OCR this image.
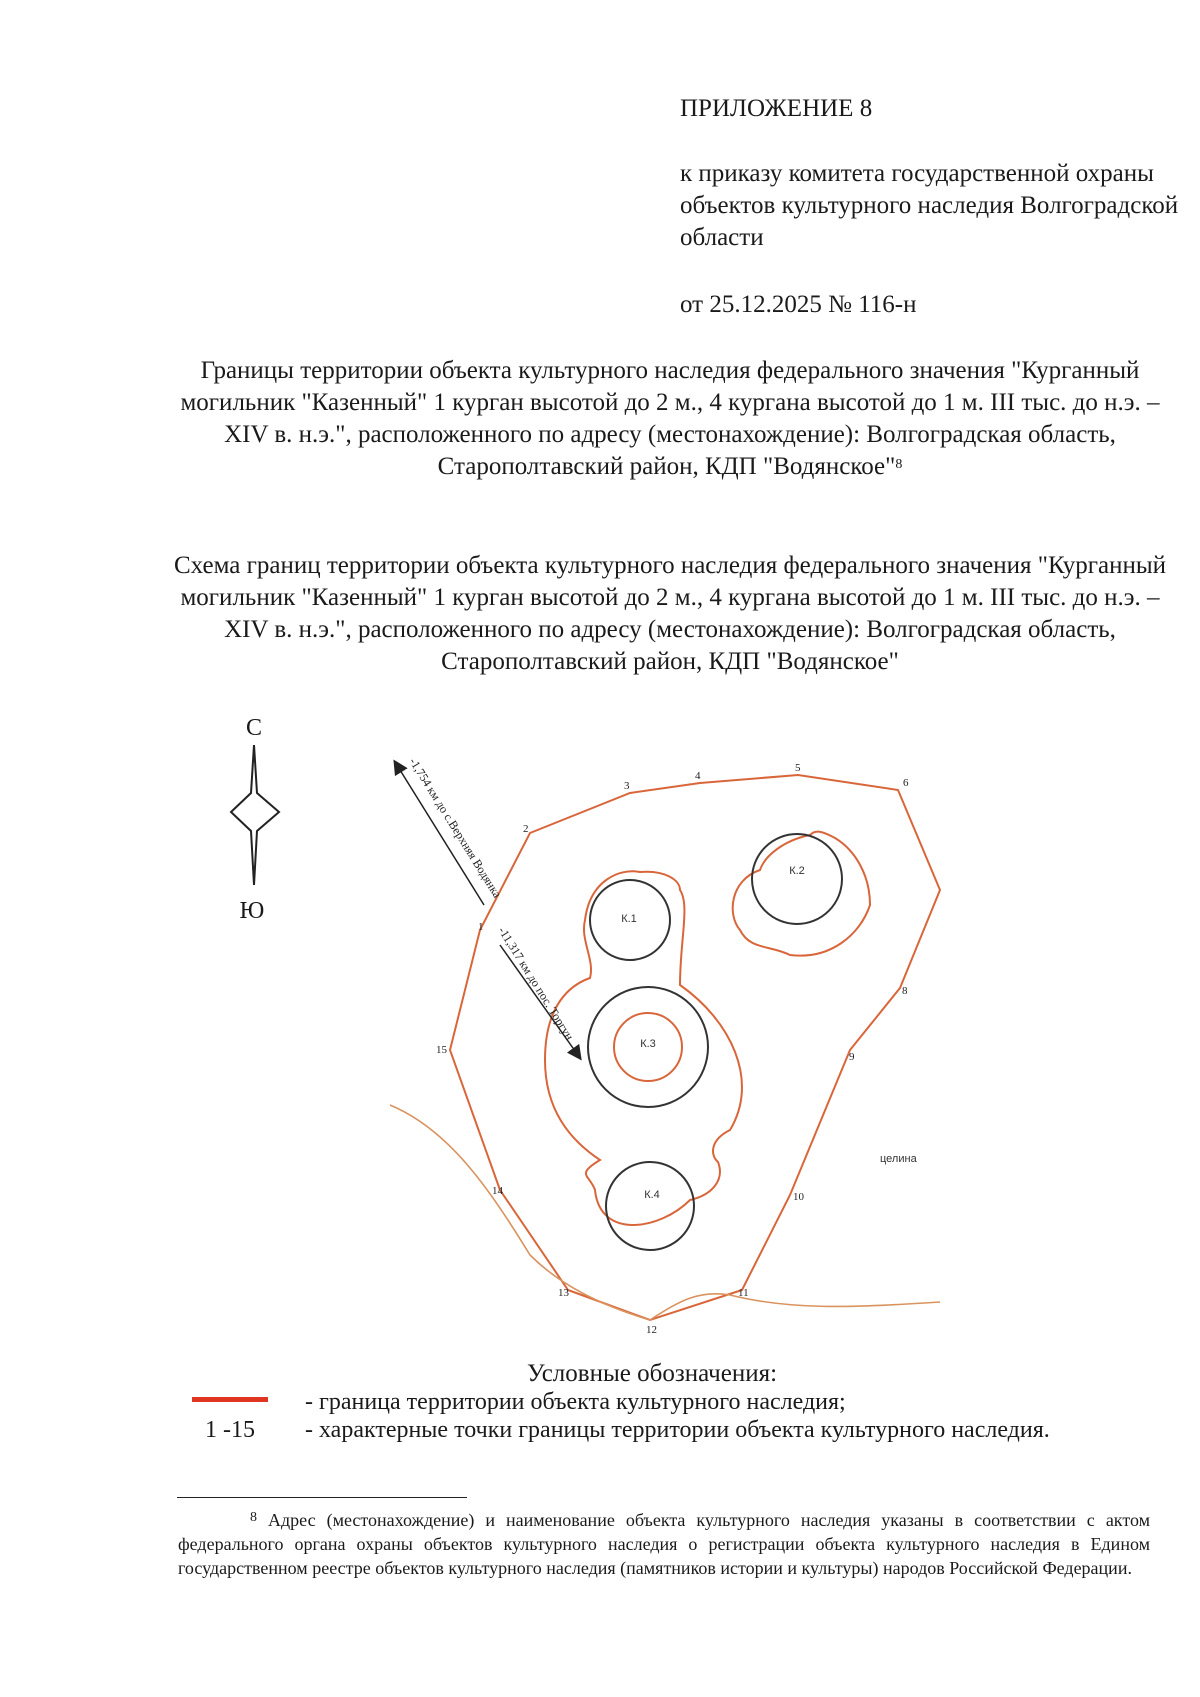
ПРИЛОЖЕНИЕ 8
к приказу комитета государственной охраны объектов культурного наследия Волгоградской области
от 25.12.2025 № 116-н
Границы территории объекта культурного наследия федерального значения "Курганный могильник "Казенный" 1 курган высотой до 2 м., 4 кургана высотой до 1 м. III тыс. до н.э. – XIV в. н.э.", расположенного по адресу (местонахождение): Волгоградская область, Старополтавский район, КДП "Водянское"$^8$
Схема границ территории объекта культурного наследия федерального значения "Курганный могильник "Казенный" 1 курган высотой до 2 м., 4 кургана высотой до 1 м. III тыс. до н.э. – XIV в. н.э.", расположенного по адресу (местонахождение): Волгоградская область, Старополтавский район, КДП "Водянское"
С
Ю	К.1
К.2
К.3
К.4
-1,754 км до с.Верхняя Водянка
-11,317 км до пос. Торгун
1
2
3
4
5
6
8
9
10
11
12
13
14
15
целина
Условные обозначения:
- граница территории объекта культурного наследия;
1 -15 - характерные точки границы территории объекта культурного наследия.
$^8$ Адрес (местонахождение) и наименование объекта культурного наследия указаны в соответствии с актом федерального органа охраны объектов культурного наследия о регистрации объекта культурного наследия в Едином государственном реестре объектов культурного наследия (памятников истории и культуры) народов Российской Федерации.
